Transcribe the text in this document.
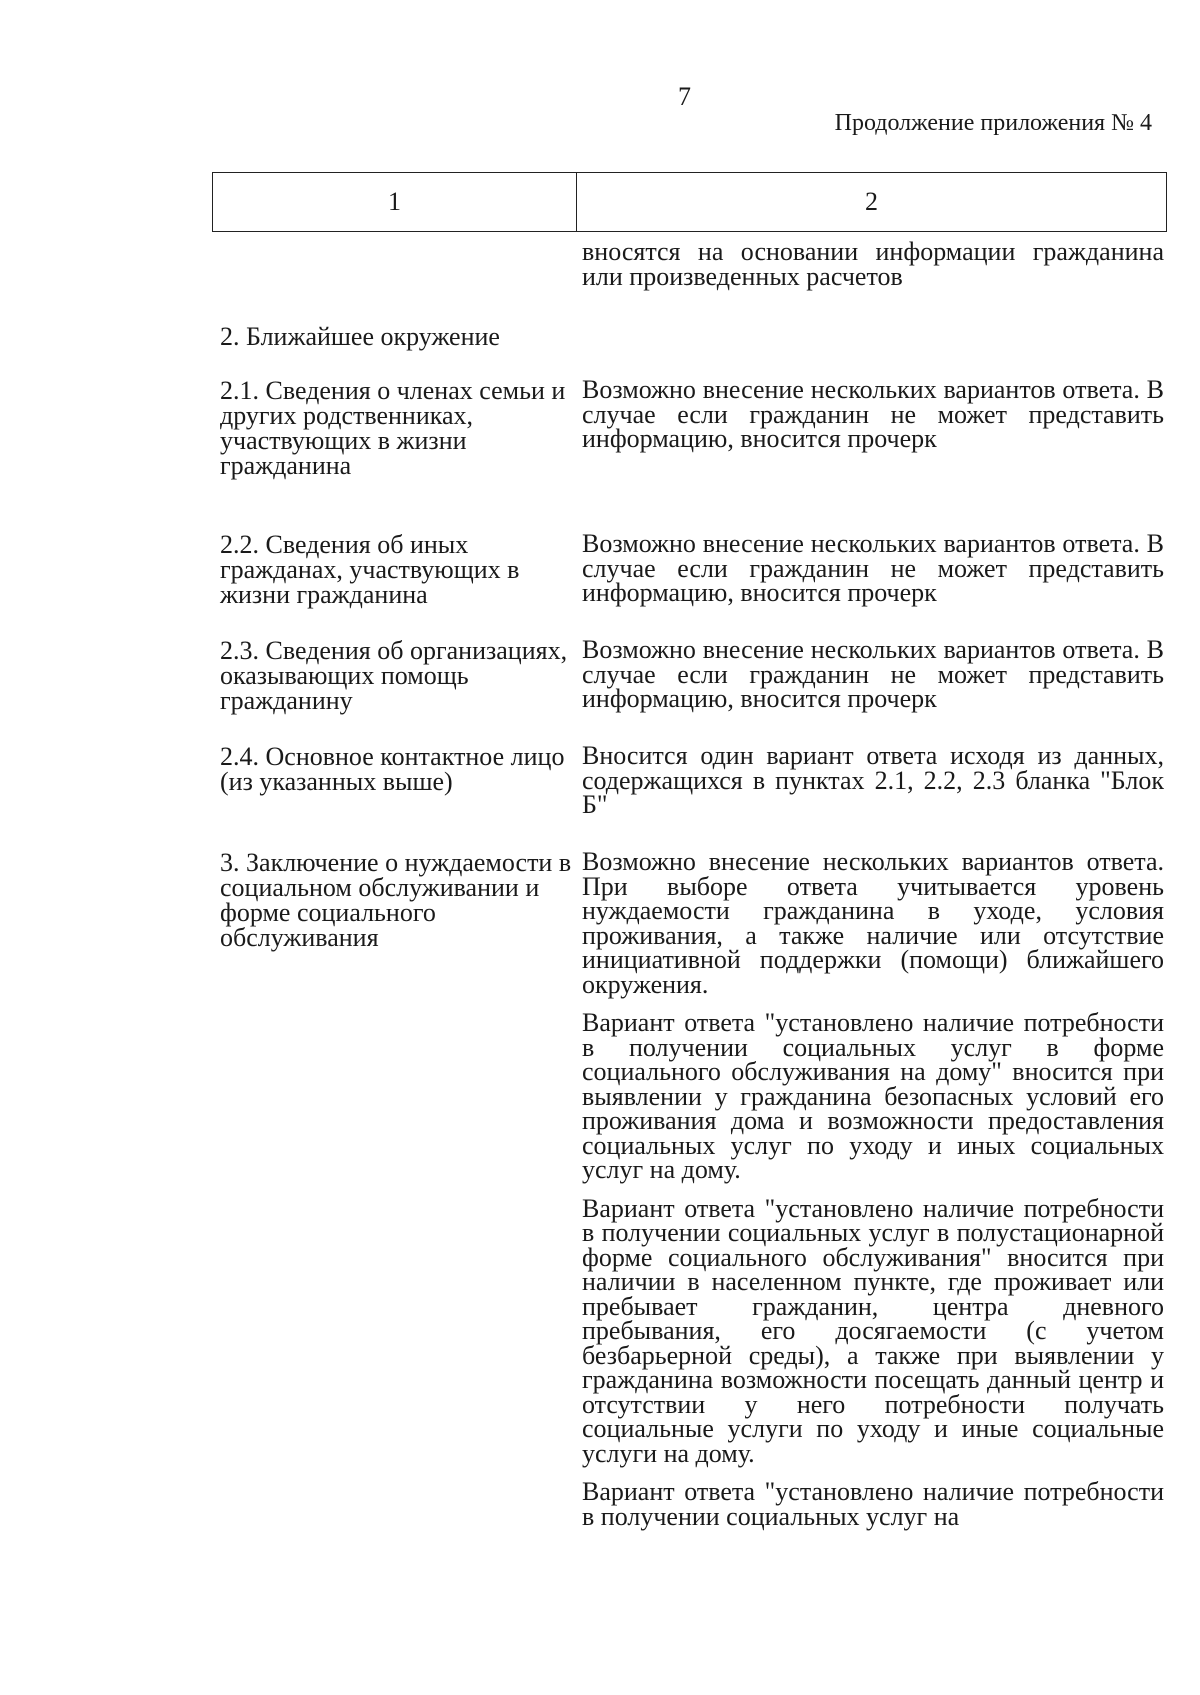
7
Продолжение приложения № 4
1	2
вносятся на основании информации гражданина или произведенных расчетов
2. Ближайшее окружение
2.1. Сведения о членах семьи и других родственниках, участвующих в жизни гражданина
Возможно внесение нескольких вариантов ответа. В случае если гражданин не может представить информацию, вносится прочерк
2.2. Сведения об иных гражданах, участвующих в жизни гражданина
Возможно внесение нескольких вариантов ответа. В случае если гражданин не может представить информацию, вносится прочерк
2.3. Сведения об организациях, оказывающих помощь гражданину
Возможно внесение нескольких вариантов ответа. В случае если гражданин не может представить информацию, вносится прочерк
2.4. Основное контактное лицо (из указанных выше)
Вносится один вариант ответа исходя из данных, содержащихся в пунктах 2.1, 2.2, 2.3 бланка "Блок Б"
3. Заключение о нуждаемости в социальном обслуживании и форме социального обслуживания

Возможно внесение нескольких вариантов ответа. При выборе ответа учитывается уровень нуждаемости гражданина в уходе, условия проживания, а также наличие или отсутствие инициативной поддержки (помощи) ближайшего окружения.

Вариант ответа "установлено наличие потребности в получении социальных услуг в форме социального обслуживания на дому" вносится при выявлении у гражданина безопасных условий его проживания дома и возможности предоставления социальных услуг по уходу и иных социальных услуг на дому.

Вариант ответа "установлено наличие потребности в получении социальных услуг в полустационарной форме социального обслуживания" вносится при наличии в населенном пункте, где проживает или пребывает гражданин, центра дневного пребывания, его досягаемости (с учетом безбарьерной среды), а также при выявлении у гражданина возможности посещать данный центр и отсутствии у него потребности получать социальные услуги по уходу и иные социальные услуги на дому.

Вариант ответа "установлено наличие потребности в получении социальных услуг на
